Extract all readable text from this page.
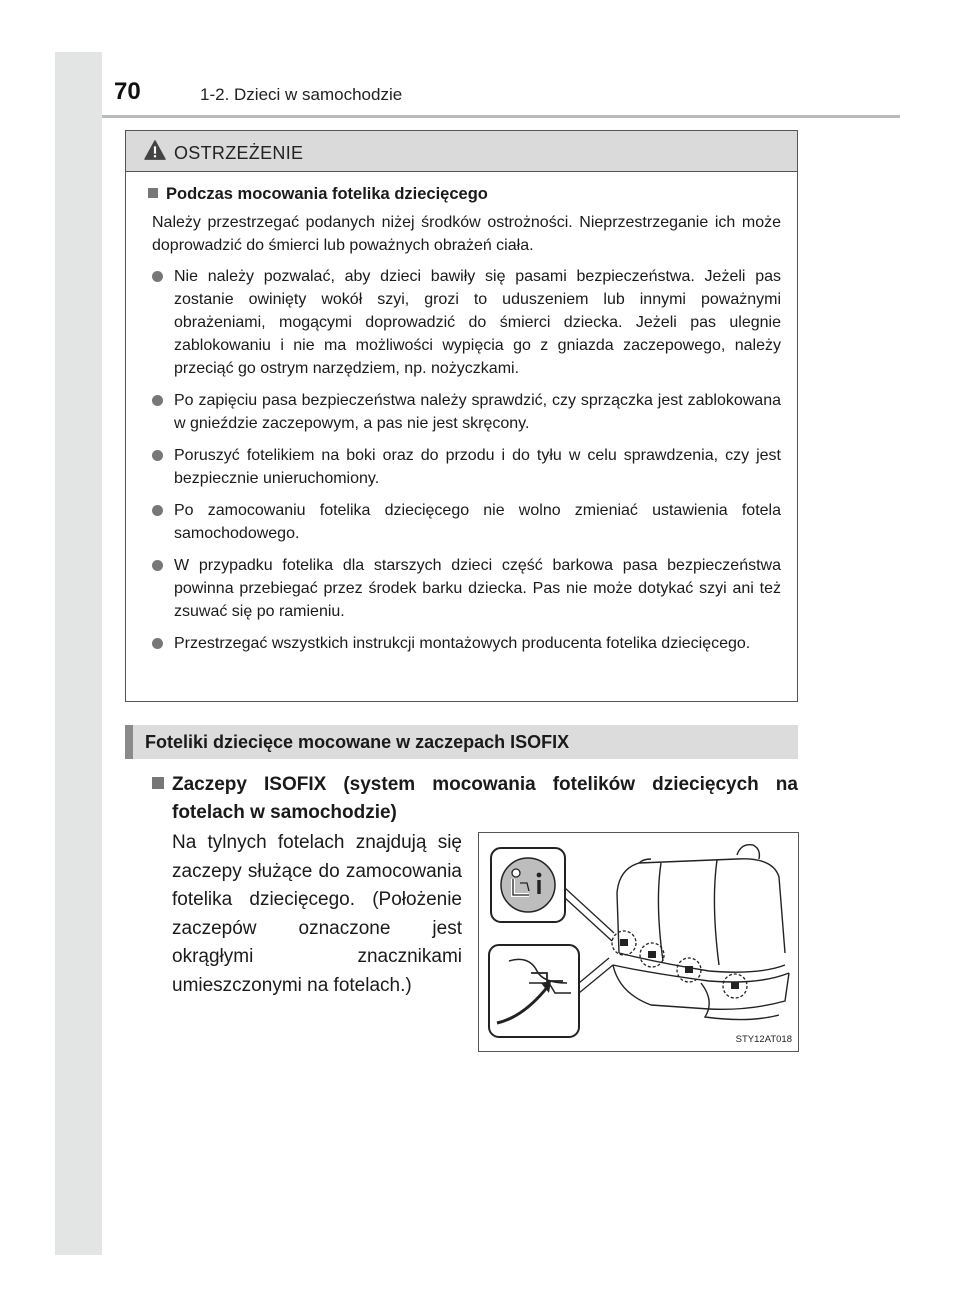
70	1-2. Dzieci w samochodzie
OSTRZEŻENIE
Podczas mocowania fotelika dziecięcego
Należy przestrzegać podanych niżej środków ostrożności. Nieprzestrzeganie ich może doprowadzić do śmierci lub poważnych obrażeń ciała.
Nie należy pozwalać, aby dzieci bawiły się pasami bezpieczeństwa. Jeżeli pas zostanie owinięty wokół szyi, grozi to uduszeniem lub innymi poważnymi obrażeniami, mogącymi doprowadzić do śmierci dziecka. Jeżeli pas ulegnie zablokowaniu i nie ma możliwości wypięcia go z gniazda zaczepowego, należy przeciąć go ostrym narzędziem, np. nożyczkami.
Po zapięciu pasa bezpieczeństwa należy sprawdzić, czy sprzączka jest zablokowana w gnieździe zaczepowym, a pas nie jest skręcony.
Poruszyć fotelikiem na boki oraz do przodu i do tyłu w celu sprawdzenia, czy jest bezpiecznie unieruchomiony.
Po zamocowaniu fotelika dziecięcego nie wolno zmieniać ustawienia fotela samochodowego.
W przypadku fotelika dla starszych dzieci część barkowa pasa bezpieczeństwa powinna przebiegać przez środek barku dziecka. Pas nie może dotykać szyi ani też zsuwać się po ramieniu.
Przestrzegać wszystkich instrukcji montażowych producenta fotelika dziecięcego.
Foteliki dziecięce mocowane w zaczepach ISOFIX
Zaczepy ISOFIX (system mocowania fotelików dziecięcych na fotelach w samochodzie)
Na tylnych fotelach znajdują się zaczepy służące do zamocowania fotelika dziecięcego. (Położenie zaczepów oznaczone jest okrągłymi znacznikami umieszczonymi na fotelach.)
STY12AT018
